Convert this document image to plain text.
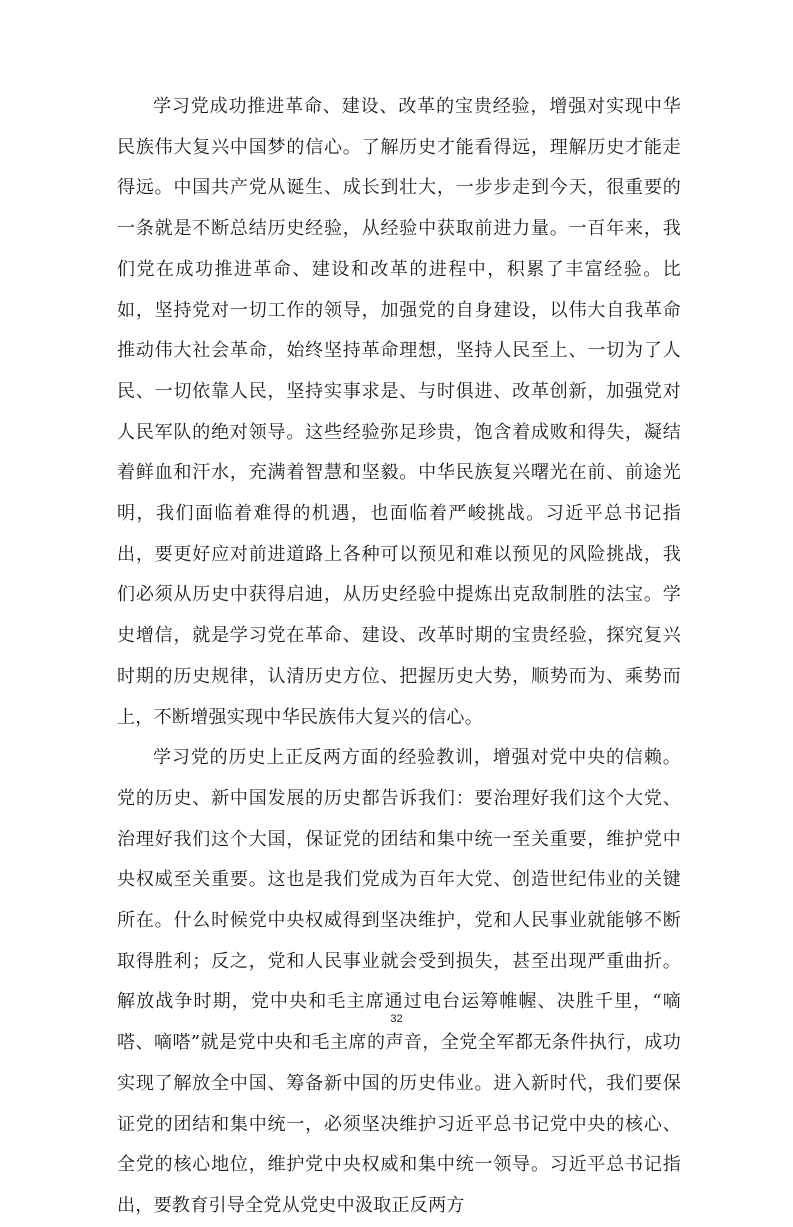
学习党成功推进革命、建设、改革的宝贵经验，增强对实现中华民族伟大复兴中国梦的信心。了解历史才能看得远，理解历史才能走得远。中国共产党从诞生、成长到壮大，一步步走到今天，很重要的一条就是不断总结历史经验，从经验中获取前进力量。一百年来，我们党在成功推进革命、建设和改革的进程中，积累了丰富经验。比如，坚持党对一切工作的领导，加强党的自身建设，以伟大自我革命推动伟大社会革命，始终坚持革命理想，坚持人民至上、一切为了人民、一切依靠人民，坚持实事求是、与时俱进、改革创新，加强党对人民军队的绝对领导。这些经验弥足珍贵，饱含着成败和得失，凝结着鲜血和汗水，充满着智慧和坚毅。中华民族复兴曙光在前、前途光明，我们面临着难得的机遇，也面临着严峻挑战。习近平总书记指出，要更好应对前进道路上各种可以预见和难以预见的风险挑战，我们必须从历史中获得启迪，从历史经验中提炼出克敌制胜的法宝。学史增信，就是学习党在革命、建设、改革时期的宝贵经验，探究复兴时期的历史规律，认清历史方位、把握历史大势，顺势而为、乘势而上，不断增强实现中华民族伟大复兴的信心。

学习党的历史上正反两方面的经验教训，增强对党中央的信赖。党的历史、新中国发展的历史都告诉我们：要治理好我们这个大党、治理好我们这个大国，保证党的团结和集中统一至关重要，维护党中央权威至关重要。这也是我们党成为百年大党、创造世纪伟业的关键所在。什么时候党中央权威得到坚决维护，党和人民事业就能够不断取得胜利；反之，党和人民事业就会受到损失，甚至出现严重曲折。解放战争时期，党中央和毛主席通过电台运筹帷幄、决胜千里，“嘀嗒、嘀嗒”就是党中央和毛主席的声音，全党全军都无条件执行，成功实现了解放全中国、筹备新中国的历史伟业。进入新时代，我们要保证党的团结和集中统一，必须坚决维护习近平总书记党中央的核心、全党的核心地位，维护党中央权威和集中统一领导。习近平总书记指出，要教育引导全党从党史中汲取正反两方

32
